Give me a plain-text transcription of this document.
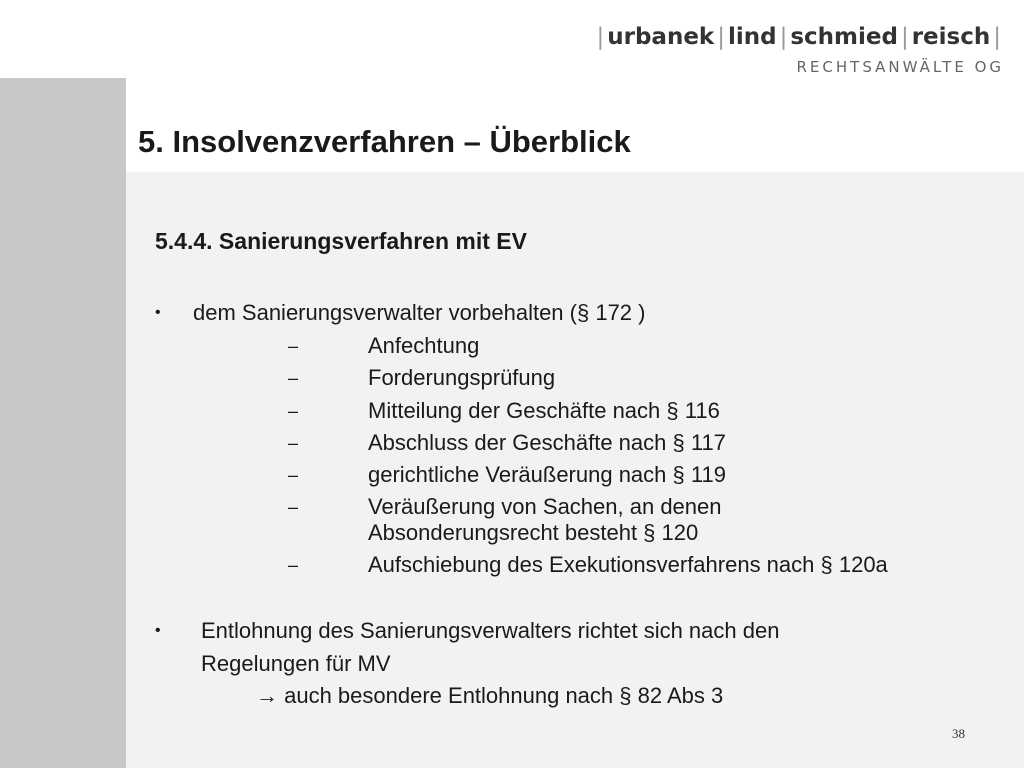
| urbanek | lind | schmied | reisch |
RECHTSANWÄLTE OG
5. Insolvenzverfahren – Überblick
5.4.4. Sanierungsverfahren mit EV
• dem Sanierungsverwalter vorbehalten (§ 172 )
–	Anfechtung
–	Forderungsprüfung
–	Mitteilung der Geschäfte nach § 116
–	Abschluss der Geschäfte nach § 117
–	gerichtliche Veräußerung nach § 119
–	Veräußerung von Sachen, an denen
Absonderungsrecht besteht § 120
–	Aufschiebung des Exekutionsverfahrens nach § 120a
• Entlohnung des Sanierungsverwalters richtet sich nach den
Regelungen für MV
→ auch besondere Entlohnung nach § 82 Abs 3
38
